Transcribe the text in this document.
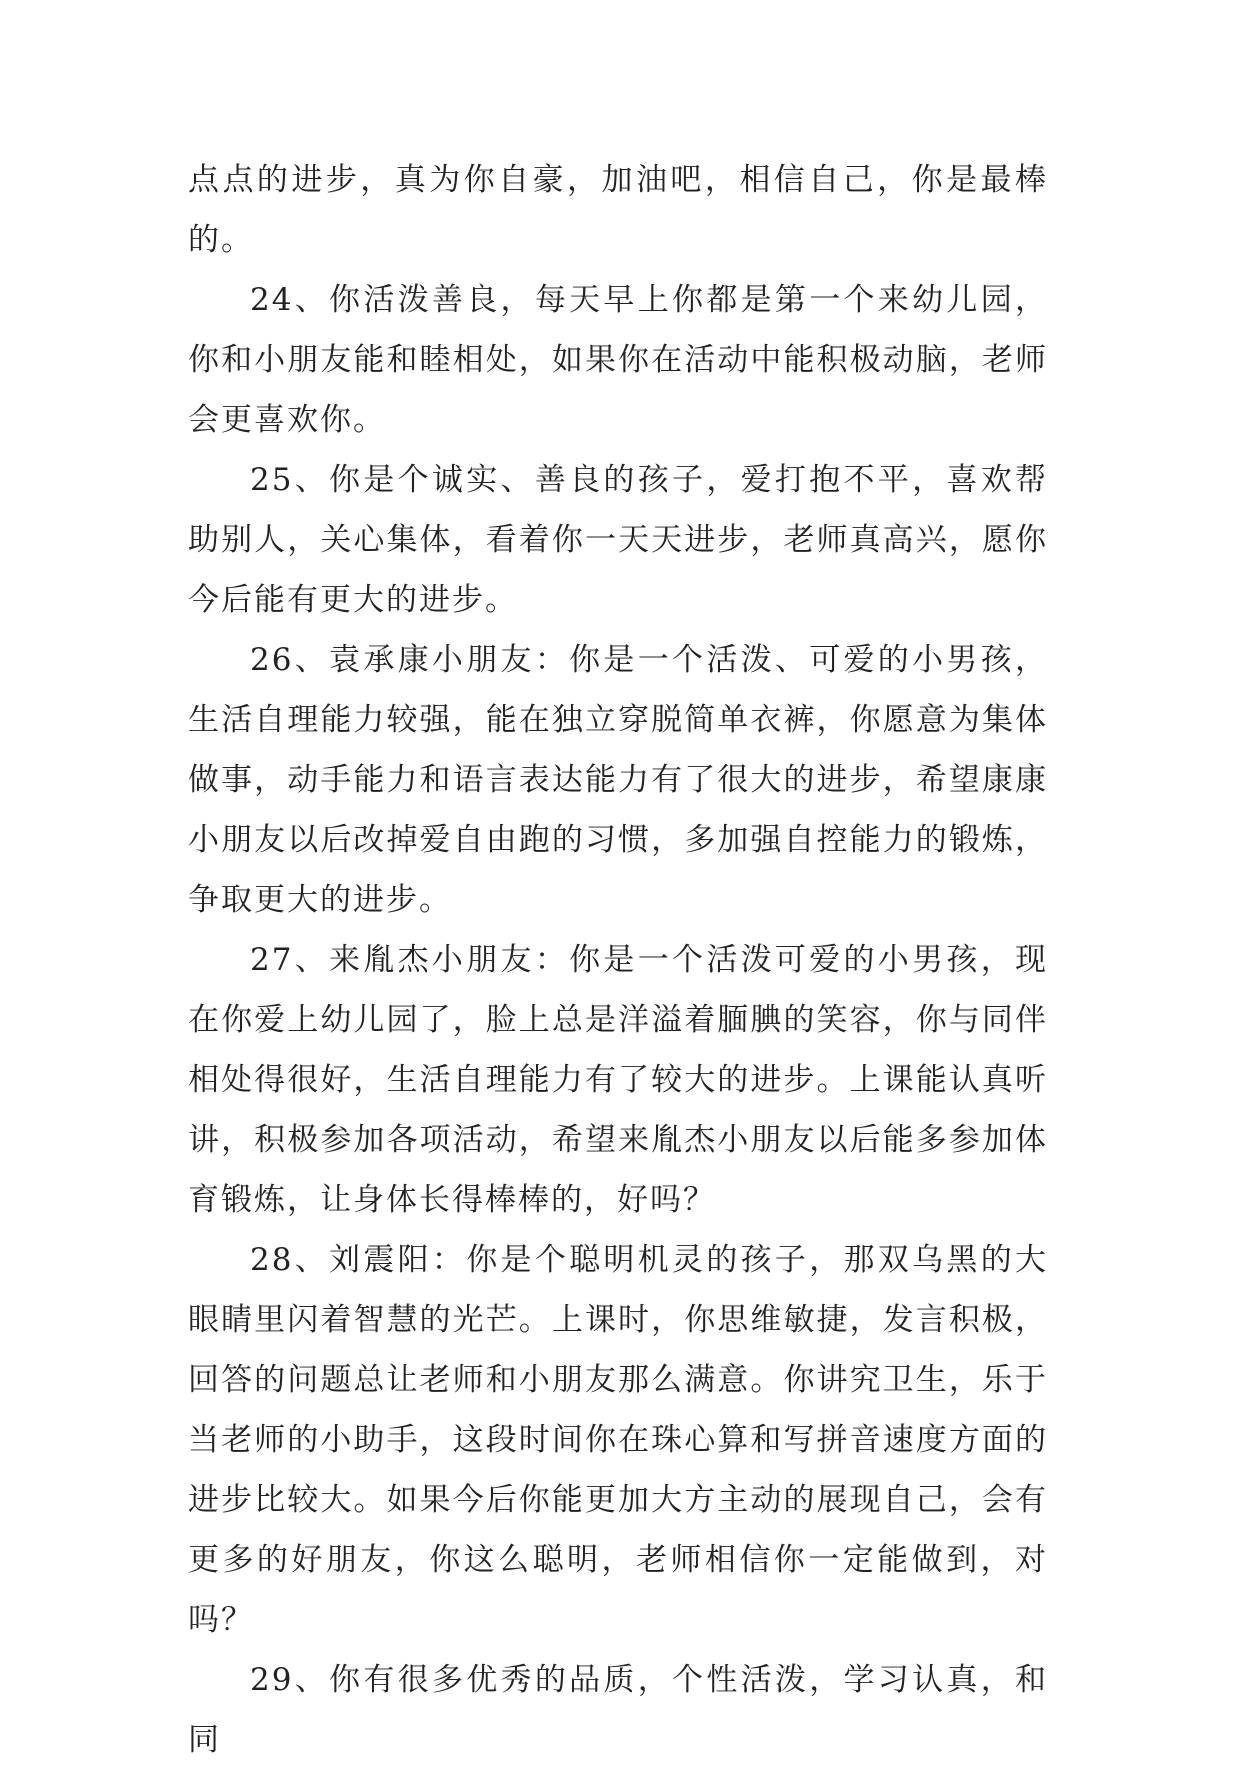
点点的进步，真为你自豪，加油吧，相信自己，你是最棒的。

24、你活泼善良，每天早上你都是第一个来幼儿园，你和小朋友能和睦相处，如果你在活动中能积极动脑，老师会更喜欢你。

25、你是个诚实、善良的孩子，爱打抱不平，喜欢帮助别人，关心集体，看着你一天天进步，老师真高兴，愿你今后能有更大的进步。

26、袁承康小朋友：你是一个活泼、可爱的小男孩，生活自理能力较强，能在独立穿脱简单衣裤，你愿意为集体做事，动手能力和语言表达能力有了很大的进步，希望康康小朋友以后改掉爱自由跑的习惯，多加强自控能力的锻炼，争取更大的进步。

27、来胤杰小朋友：你是一个活泼可爱的小男孩，现在你爱上幼儿园了，脸上总是洋溢着腼腆的笑容，你与同伴相处得很好，生活自理能力有了较大的进步。上课能认真听讲，积极参加各项活动，希望来胤杰小朋友以后能多参加体育锻炼，让身体长得棒棒的，好吗？

28、刘震阳：你是个聪明机灵的孩子，那双乌黑的大眼睛里闪着智慧的光芒。上课时，你思维敏捷，发言积极，回答的问题总让老师和小朋友那么满意。你讲究卫生，乐于当老师的小助手，这段时间你在珠心算和写拼音速度方面的进步比较大。如果今后你能更加大方主动的展现自己，会有更多的好朋友，你这么聪明，老师相信你一定能做到，对吗？

29、你有很多优秀的品质，个性活泼，学习认真，和同
